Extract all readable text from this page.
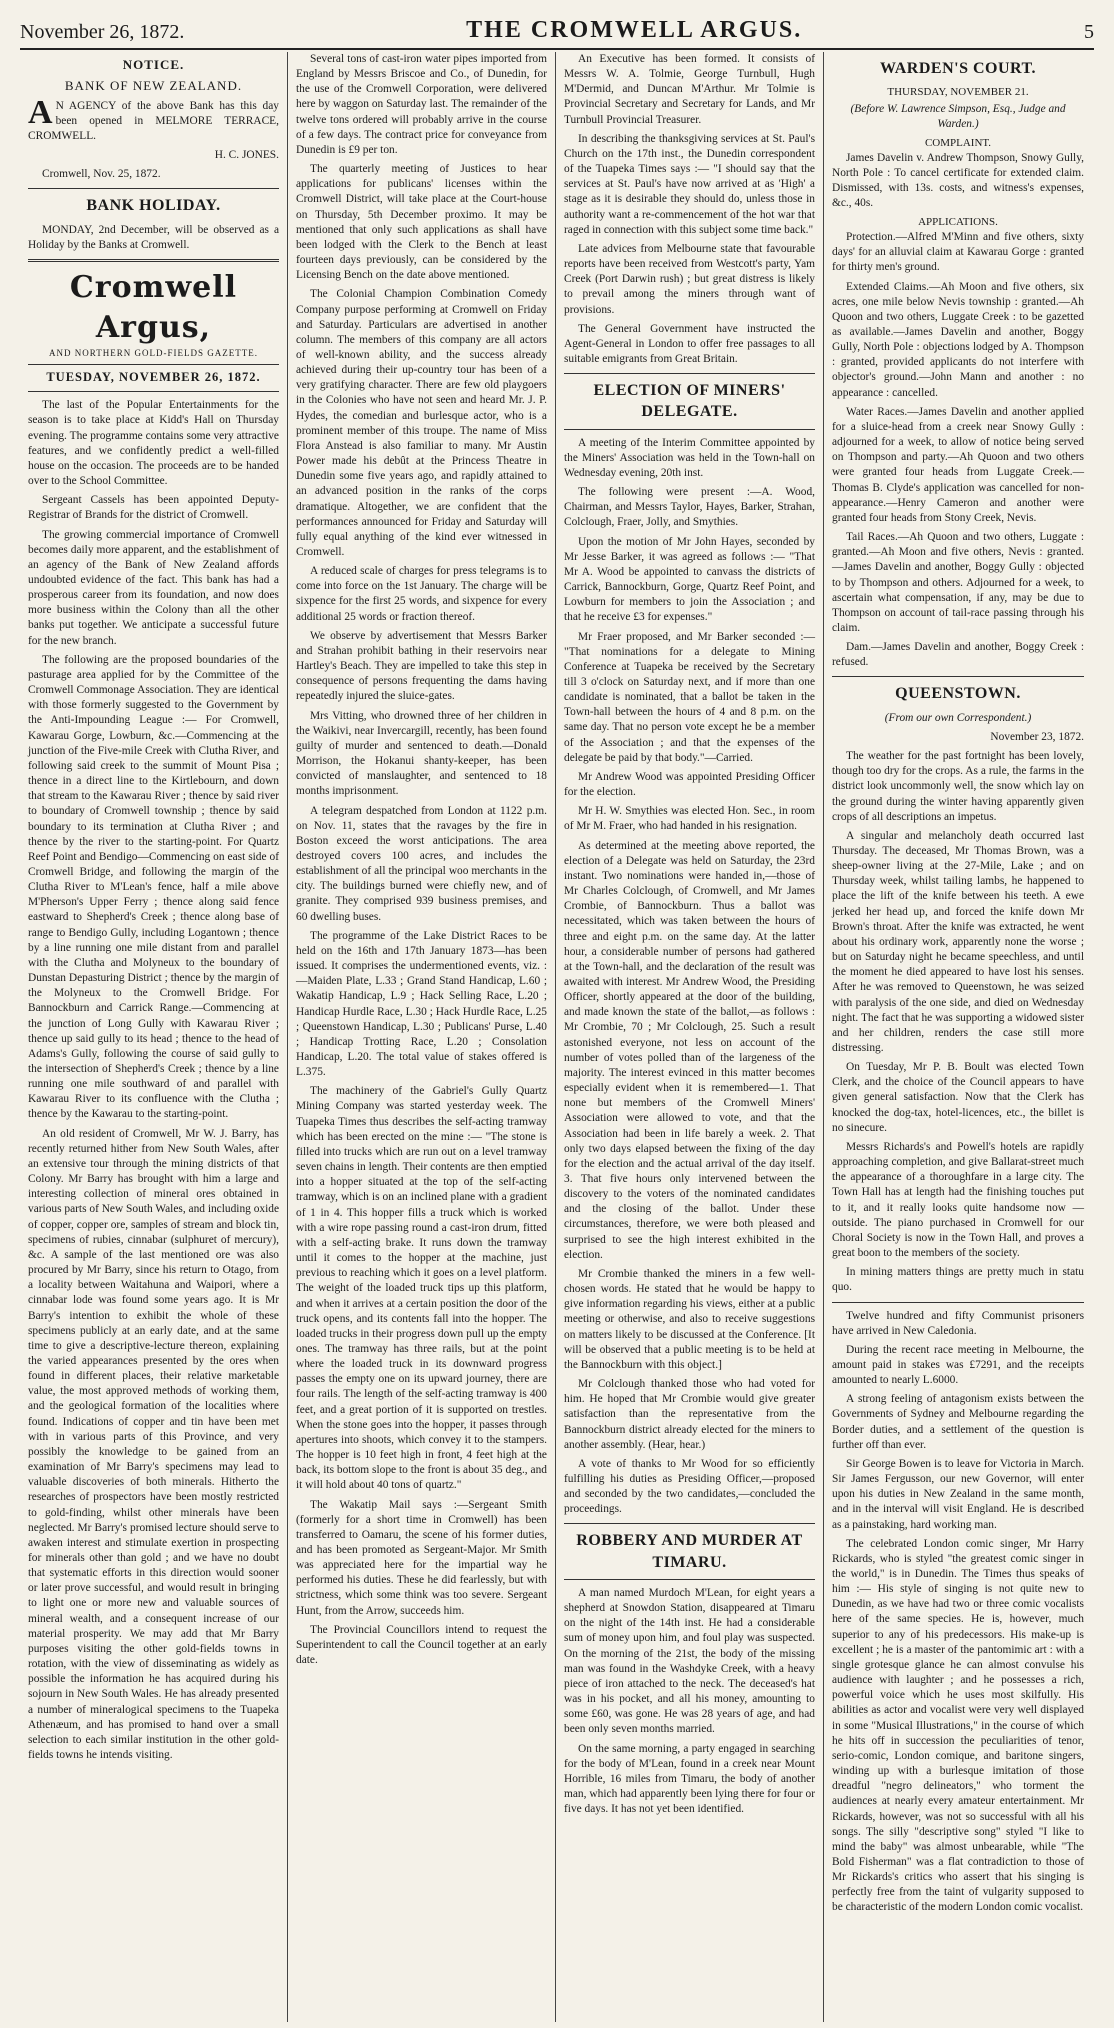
November 26, 1872.	THE CROMWELL ARGUS.	5
NOTICE.
BANK OF NEW ZEALAND.

AN AGENCY of the above Bank has this day been opened in MELMORE TERRACE, CROMWELL.

H. C. JONES.

Cromwell, Nov. 25, 1872.

BANK HOLIDAY.

MONDAY, 2nd December, will be observed as a Holiday by the Banks at Cromwell.

Cromwell Argus,
AND NORTHERN GOLD-FIELDS GAZETTE.
TUESDAY, NOVEMBER 26, 1872.

The last of the Popular Entertainments for the season is to take place at Kidd's Hall on Thursday evening. The programme contains some very attractive features, and we confidently predict a well-filled house on the occasion. The proceeds are to be handed over to the School Committee.

Sergeant Cassels has been appointed Deputy-Registrar of Brands for the district of Cromwell.

The growing commercial importance of Cromwell becomes daily more apparent, and the establishment of an agency of the Bank of New Zealand affords undoubted evidence of the fact. This bank has had a prosperous career from its foundation, and now does more business within the Colony than all the other banks put together. We anticipate a successful future for the new branch.

The following are the proposed boundaries of the pasturage area applied for by the Committee of the Cromwell Commonage Association. They are identical with those formerly suggested to the Government by the Anti-Impounding League :— For Cromwell, Kawarau Gorge, Lowburn, &c.—Commencing at the junction of the Five-mile Creek with Clutha River, and following said creek to the summit of Mount Pisa ; thence in a direct line to the Kirtlebourn, and down that stream to the Kawarau River ; thence by said river to boundary of Cromwell township ; thence by said boundary to its termination at Clutha River ; and thence by the river to the starting-point. For Quartz Reef Point and Bendigo—Commencing on east side of Cromwell Bridge, and following the margin of the Clutha River to M'Lean's fence, half a mile above M'Pherson's Upper Ferry ; thence along said fence eastward to Shepherd's Creek ; thence along base of range to Bendigo Gully, including Logantown ; thence by a line running one mile distant from and parallel with the Clutha and Molyneux to the boundary of Dunstan Depasturing District ; thence by the margin of the Molyneux to the Cromwell Bridge. For Bannockburn and Carrick Range.—Commencing at the junction of Long Gully with Kawarau River ; thence up said gully to its head ; thence to the head of Adams's Gully, following the course of said gully to the intersection of Shepherd's Creek ; thence by a line running one mile southward of and parallel with Kawarau River to its confluence with the Clutha ; thence by the Kawarau to the starting-point.

An old resident of Cromwell, Mr W. J. Barry, has recently returned hither from New South Wales, after an extensive tour through the mining districts of that Colony. Mr Barry has brought with him a large and interesting collection of mineral ores obtained in various parts of New South Wales, and including oxide of copper, copper ore, samples of stream and block tin, specimens of rubies, cinnabar (sulphuret of mercury), &c. A sample of the last mentioned ore was also procured by Mr Barry, since his return to Otago, from a locality between Waitahuna and Waipori, where a cinnabar lode was found some years ago. It is Mr Barry's intention to exhibit the whole of these specimens publicly at an early date, and at the same time to give a descriptive-lecture thereon, explaining the varied appearances presented by the ores when found in different places, their relative marketable value, the most approved methods of working them, and the geological formation of the localities where found. Indications of copper and tin have been met with in various parts of this Province, and very possibly the knowledge to be gained from an examination of Mr Barry's specimens may lead to valuable discoveries of both minerals. Hitherto the researches of prospectors have been mostly restricted to gold-finding, whilst other minerals have been neglected. Mr Barry's promised lecture should serve to awaken interest and stimulate exertion in prospecting for minerals other than gold ; and we have no doubt that systematic efforts in this direction would sooner or later prove successful, and would result in bringing to light one or more new and valuable sources of mineral wealth, and a consequent increase of our material prosperity. We may add that Mr Barry purposes visiting the other gold-fields towns in rotation, with the view of disseminating as widely as possible the information he has acquired during his sojourn in New South Wales. He has already presented a number of mineralogical specimens to the Tuapeka Athenæum, and has promised to hand over a small selection to each similar institution in the other gold-fields towns he intends visiting.

Several tons of cast-iron water pipes imported from England by Messrs Briscoe and Co., of Dunedin, for the use of the Cromwell Corporation, were delivered here by waggon on Saturday last. The remainder of the twelve tons ordered will probably arrive in the course of a few days. The contract price for conveyance from Dunedin is £9 per ton.

The quarterly meeting of Justices to hear applications for publicans' licenses within the Cromwell District, will take place at the Court-house on Thursday, 5th December proximo. It may be mentioned that only such applications as shall have been lodged with the Clerk to the Bench at least fourteen days previously, can be considered by the Licensing Bench on the date above mentioned.

The Colonial Champion Combination Comedy Company purpose performing at Cromwell on Friday and Saturday. Particulars are advertised in another column. The members of this company are all actors of well-known ability, and the success already achieved during their up-country tour has been of a very gratifying character. There are few old playgoers in the Colonies who have not seen and heard Mr. J. P. Hydes, the comedian and burlesque actor, who is a prominent member of this troupe. The name of Miss Flora Anstead is also familiar to many. Mr Austin Power made his debût at the Princess Theatre in Dunedin some five years ago, and rapidly attained to an advanced position in the ranks of the corps dramatique. Altogether, we are confident that the performances announced for Friday and Saturday will fully equal anything of the kind ever witnessed in Cromwell.

A reduced scale of charges for press telegrams is to come into force on the 1st January. The charge will be sixpence for the first 25 words, and sixpence for every additional 25 words or fraction thereof.

We observe by advertisement that Messrs Barker and Strahan prohibit bathing in their reservoirs near Hartley's Beach. They are impelled to take this step in consequence of persons frequenting the dams having repeatedly injured the sluice-gates.

Mrs Vitting, who drowned three of her children in the Waikivi, near Invercargill, recently, has been found guilty of murder and sentenced to death.—Donald Morrison, the Hokanui shanty-keeper, has been convicted of manslaughter, and sentenced to 18 months imprisonment.

A telegram despatched from London at 1122 p.m. on Nov. 11, states that the ravages by the fire in Boston exceed the worst anticipations. The area destroyed covers 100 acres, and includes the establishment of all the principal woo merchants in the city. The buildings burned were chiefly new, and of granite. They comprised 939 business premises, and 60 dwelling buses.

The programme of the Lake District Races to be held on the 16th and 17th January 1873—has been issued. It comprises the undermentioned events, viz. :—Maiden Plate, L.33 ; Grand Stand Handicap, L.60 ; Wakatip Handicap, L.9 ; Hack Selling Race, L.20 ; Handicap Hurdle Race, L.30 ; Hack Hurdle Race, L.25 ; Queenstown Handicap, L.30 ; Publicans' Purse, L.40 ; Handicap Trotting Race, L.20 ; Consolation Handicap, L.20. The total value of stakes offered is L.375.

The machinery of the Gabriel's Gully Quartz Mining Company was started yesterday week. The Tuapeka Times thus describes the self-acting tramway which has been erected on the mine :— "The stone is filled into trucks which are run out on a level tramway seven chains in length. Their contents are then emptied into a hopper situated at the top of the self-acting tramway, which is on an inclined plane with a gradient of 1 in 4. This hopper fills a truck which is worked with a wire rope passing round a cast-iron drum, fitted with a self-acting brake. It runs down the tramway until it comes to the hopper at the machine, just previous to reaching which it goes on a level platform. The weight of the loaded truck tips up this platform, and when it arrives at a certain position the door of the truck opens, and its contents fall into the hopper. The loaded trucks in their progress down pull up the empty ones. The tramway has three rails, but at the point where the loaded truck in its downward progress passes the empty one on its upward journey, there are four rails. The length of the self-acting tramway is 400 feet, and a great portion of it is supported on trestles. When the stone goes into the hopper, it passes through apertures into shoots, which convey it to the stampers. The hopper is 10 feet high in front, 4 feet high at the back, its bottom slope to the front is about 35 deg., and it will hold about 40 tons of quartz."

The Wakatip Mail says :—Sergeant Smith (formerly for a short time in Cromwell) has been transferred to Oamaru, the scene of his former duties, and has been promoted as Sergeant-Major. Mr Smith was appreciated here for the impartial way he performed his duties. These he did fearlessly, but with strictness, which some think was too severe. Sergeant Hunt, from the Arrow, succeeds him.

The Provincial Councillors intend to request the Superintendent to call the Council together at an early date.

An Executive has been formed. It consists of Messrs W. A. Tolmie, George Turnbull, Hugh M'Dermid, and Duncan M'Arthur. Mr Tolmie is Provincial Secretary and Secretary for Lands, and Mr Turnbull Provincial Treasurer.

In describing the thanksgiving services at St. Paul's Church on the 17th inst., the Dunedin correspondent of the Tuapeka Times says :— "I should say that the services at St. Paul's have now arrived at as 'High' a stage as it is desirable they should do, unless those in authority want a re-commencement of the hot war that raged in connection with this subject some time back."

Late advices from Melbourne state that favourable reports have been received from Westcott's party, Yam Creek (Port Darwin rush) ; but great distress is likely to prevail among the miners through want of provisions.

The General Government have instructed the Agent-General in London to offer free passages to all suitable emigrants from Great Britain.

ELECTION OF MINERS' DELEGATE.

A meeting of the Interim Committee appointed by the Miners' Association was held in the Town-hall on Wednesday evening, 20th inst.

The following were present :—A. Wood, Chairman, and Messrs Taylor, Hayes, Barker, Strahan, Colclough, Fraer, Jolly, and Smythies.

Upon the motion of Mr John Hayes, seconded by Mr Jesse Barker, it was agreed as follows :— "That Mr A. Wood be appointed to canvass the districts of Carrick, Bannockburn, Gorge, Quartz Reef Point, and Lowburn for members to join the Association ; and that he receive £3 for expenses."

Mr Fraer proposed, and Mr Barker seconded :— "That nominations for a delegate to Mining Conference at Tuapeka be received by the Secretary till 3 o'clock on Saturday next, and if more than one candidate is nominated, that a ballot be taken in the Town-hall between the hours of 4 and 8 p.m. on the same day. That no person vote except he be a member of the Association ; and that the expenses of the delegate be paid by that body."—Carried.

Mr Andrew Wood was appointed Presiding Officer for the election.

Mr H. W. Smythies was elected Hon. Sec., in room of Mr M. Fraer, who had handed in his resignation.

As determined at the meeting above reported, the election of a Delegate was held on Saturday, the 23rd instant. Two nominations were handed in,—those of Mr Charles Colclough, of Cromwell, and Mr James Crombie, of Bannockburn. Thus a ballot was necessitated, which was taken between the hours of three and eight p.m. on the same day. At the latter hour, a considerable number of persons had gathered at the Town-hall, and the declaration of the result was awaited with interest. Mr Andrew Wood, the Presiding Officer, shortly appeared at the door of the building, and made known the state of the ballot,—as follows : Mr Crombie, 70 ; Mr Colclough, 25. Such a result astonished everyone, not less on account of the number of votes polled than of the largeness of the majority. The interest evinced in this matter becomes especially evident when it is remembered—1. That none but members of the Cromwell Miners' Association were allowed to vote, and that the Association had been in life barely a week. 2. That only two days elapsed between the fixing of the day for the election and the actual arrival of the day itself. 3. That five hours only intervened between the discovery to the voters of the nominated candidates and the closing of the ballot. Under these circumstances, therefore, we were both pleased and surprised to see the high interest exhibited in the election.

Mr Crombie thanked the miners in a few well-chosen words. He stated that he would be happy to give information regarding his views, either at a public meeting or otherwise, and also to receive suggestions on matters likely to be discussed at the Conference. [It will be observed that a public meeting is to be held at the Bannockburn with this object.]

Mr Colclough thanked those who had voted for him. He hoped that Mr Crombie would give greater satisfaction than the representative from the Bannockburn district already elected for the miners to another assembly. (Hear, hear.)

A vote of thanks to Mr Wood for so efficiently fulfilling his duties as Presiding Officer,—proposed and seconded by the two candidates,—concluded the proceedings.

ROBBERY AND MURDER AT TIMARU.

A man named Murdoch M'Lean, for eight years a shepherd at Snowdon Station, disappeared at Timaru on the night of the 14th inst. He had a considerable sum of money upon him, and foul play was suspected. On the morning of the 21st, the body of the missing man was found in the Washdyke Creek, with a heavy piece of iron attached to the neck. The deceased's hat was in his pocket, and all his money, amounting to some £60, was gone. He was 28 years of age, and had been only seven months married.

On the same morning, a party engaged in searching for the body of M'Lean, found in a creek near Mount Horrible, 16 miles from Timaru, the body of another man, which had apparently been lying there for four or five days. It has not yet been identified.

WARDEN'S COURT.
THURSDAY, NOVEMBER 21.
(Before W. Lawrence Simpson, Esq., Judge and Warden.)
COMPLAINT.

James Davelin v. Andrew Thompson, Snowy Gully, North Pole : To cancel certificate for extended claim. Dismissed, with 13s. costs, and witness's expenses, &c., 40s.

APPLICATIONS.

Protection.—Alfred M'Minn and five others, sixty days' for an alluvial claim at Kawarau Gorge : granted for thirty men's ground.

Extended Claims.—Ah Moon and five others, six acres, one mile below Nevis township : granted.—Ah Quoon and two others, Luggate Creek : to be gazetted as available.—James Davelin and another, Boggy Gully, North Pole : objections lodged by A. Thompson : granted, provided applicants do not interfere with objector's ground.—John Mann and another : no appearance : cancelled.

Water Races.—James Davelin and another applied for a sluice-head from a creek near Snowy Gully : adjourned for a week, to allow of notice being served on Thompson and party.—Ah Quoon and two others were granted four heads from Luggate Creek.—Thomas B. Clyde's application was cancelled for non-appearance.—Henry Cameron and another were granted four heads from Stony Creek, Nevis.

Tail Races.—Ah Quoon and two others, Luggate : granted.—Ah Moon and five others, Nevis : granted.—James Davelin and another, Boggy Gully : objected to by Thompson and others. Adjourned for a week, to ascertain what compensation, if any, may be due to Thompson on account of tail-race passing through his claim.

Dam.—James Davelin and another, Boggy Creek : refused.

QUEENSTOWN.
(From our own Correspondent.)
November 23, 1872.

The weather for the past fortnight has been lovely, though too dry for the crops. As a rule, the farms in the district look uncommonly well, the snow which lay on the ground during the winter having apparently given crops of all descriptions an impetus.

A singular and melancholy death occurred last Thursday. The deceased, Mr Thomas Brown, was a sheep-owner living at the 27-Mile, Lake ; and on Thursday week, whilst tailing lambs, he happened to place the lift of the knife between his teeth. A ewe jerked her head up, and forced the knife down Mr Brown's throat. After the knife was extracted, he went about his ordinary work, apparently none the worse ; but on Saturday night he became speechless, and until the moment he died appeared to have lost his senses. After he was removed to Queenstown, he was seized with paralysis of the one side, and died on Wednesday night. The fact that he was supporting a widowed sister and her children, renders the case still more distressing.

On Tuesday, Mr P. B. Boult was elected Town Clerk, and the choice of the Council appears to have given general satisfaction. Now that the Clerk has knocked the dog-tax, hotel-licences, etc., the billet is no sinecure.

Messrs Richards's and Powell's hotels are rapidly approaching completion, and give Ballarat-street much the appearance of a thoroughfare in a large city. The Town Hall has at length had the finishing touches put to it, and it really looks quite handsome now —outside. The piano purchased in Cromwell for our Choral Society is now in the Town Hall, and proves a great boon to the members of the society.

In mining matters things are pretty much in statu quo.

Twelve hundred and fifty Communist prisoners have arrived in New Caledonia.

During the recent race meeting in Melbourne, the amount paid in stakes was £7291, and the receipts amounted to nearly L.6000.

A strong feeling of antagonism exists between the Governments of Sydney and Melbourne regarding the Border duties, and a settlement of the question is further off than ever.

Sir George Bowen is to leave for Victoria in March. Sir James Fergusson, our new Governor, will enter upon his duties in New Zealand in the same month, and in the interval will visit England. He is described as a painstaking, hard working man.

The celebrated London comic singer, Mr Harry Rickards, who is styled "the greatest comic singer in the world," is in Dunedin. The Times thus speaks of him :— His style of singing is not quite new to Dunedin, as we have had two or three comic vocalists here of the same species. He is, however, much superior to any of his predecessors. His make-up is excellent ; he is a master of the pantomimic art : with a single grotesque glance he can almost convulse his audience with laughter ; and he possesses a rich, powerful voice which he uses most skilfully. His abilities as actor and vocalist were very well displayed in some "Musical Illustrations," in the course of which he hits off in succession the peculiarities of tenor, serio-comic, London comique, and baritone singers, winding up with a burlesque imitation of those dreadful "negro delineators," who torment the audiences at nearly every amateur entertainment. Mr Rickards, however, was not so successful with all his songs. The silly "descriptive song" styled "I like to mind the baby" was almost unbearable, while "The Bold Fisherman" was a flat contradiction to those of Mr Rickards's critics who assert that his singing is perfectly free from the taint of vulgarity supposed to be characteristic of the modern London comic vocalist.
